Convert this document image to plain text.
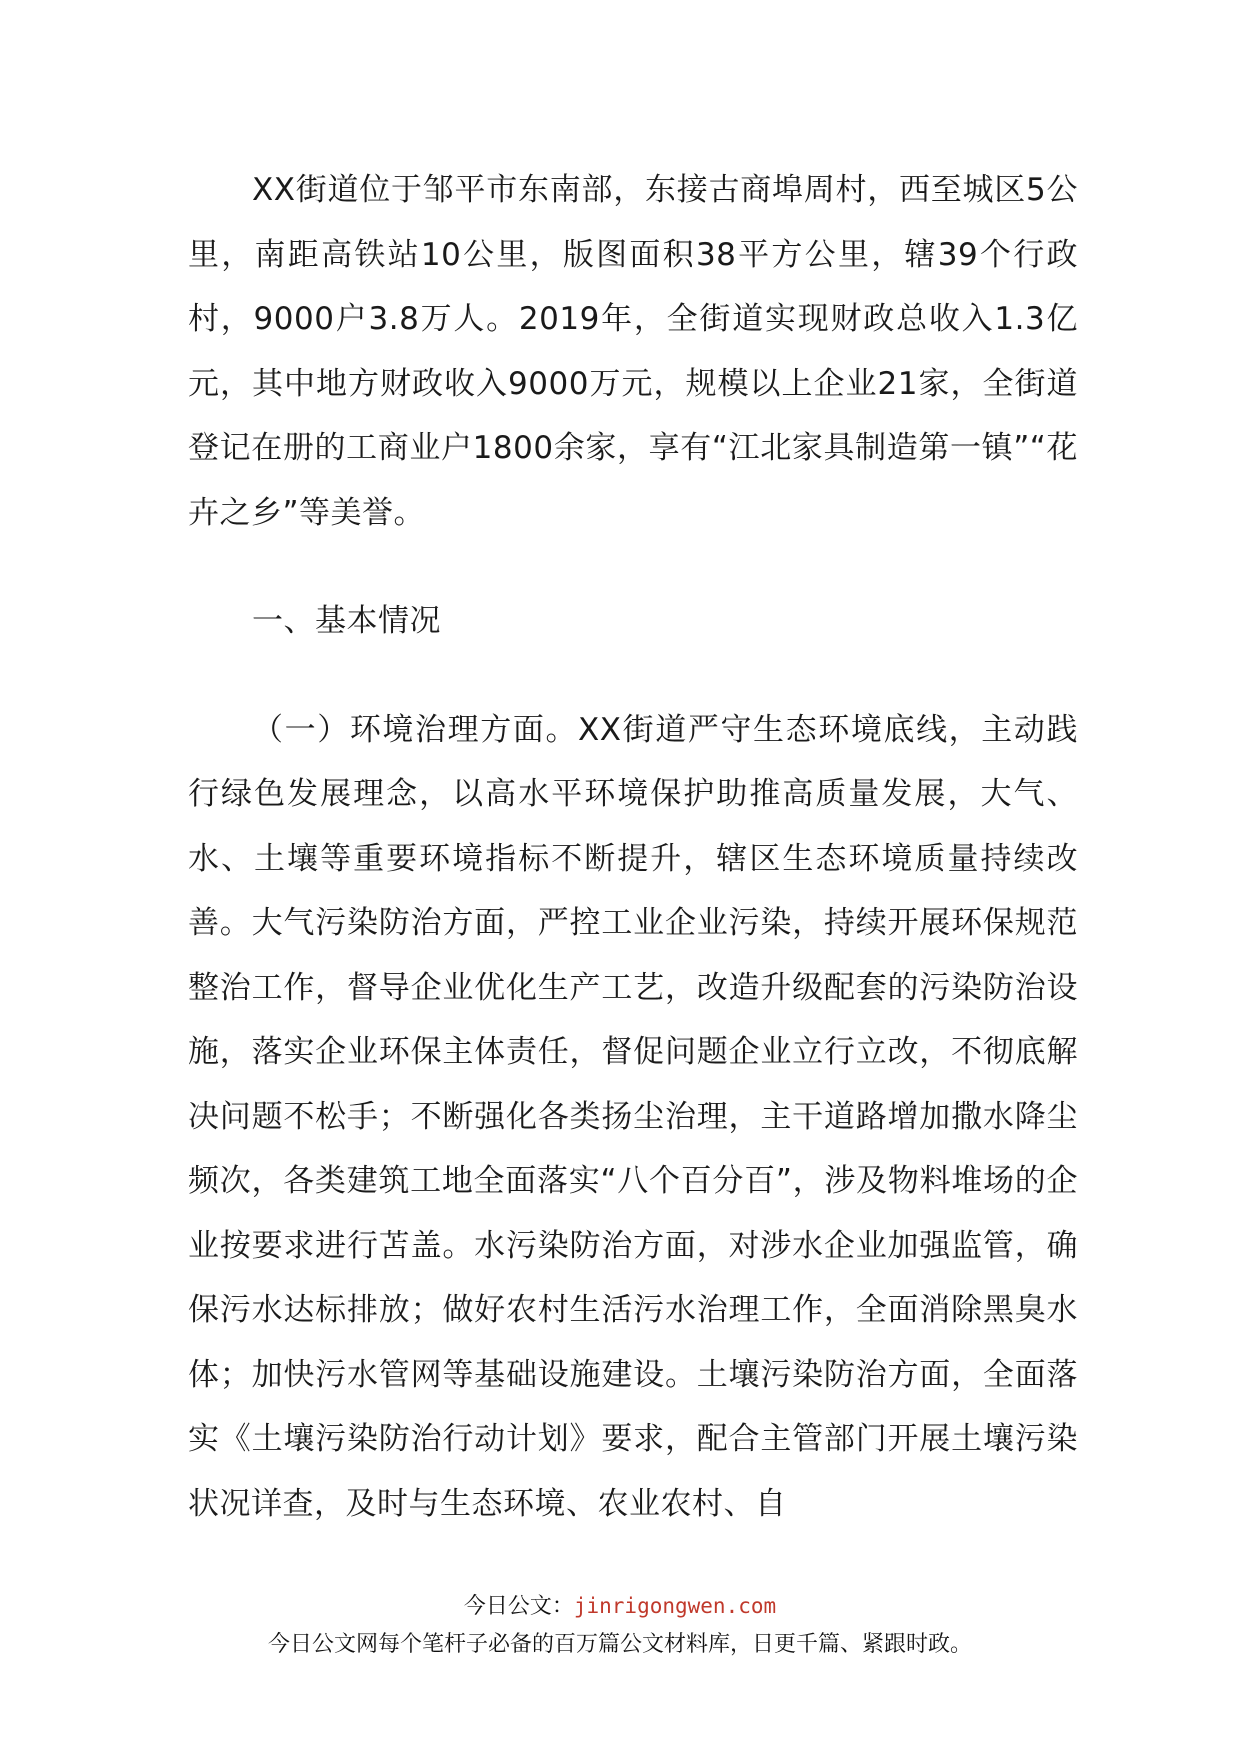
XX街道位于邹平市东南部，东接古商埠周村，西至城区5公里，南距高铁站10公里，版图面积38平方公里，辖39个行政村，9000户3.8万人。2019年，全街道实现财政总收入1.3亿元，其中地方财政收入9000万元，规模以上企业21家，全街道登记在册的工商业户1800余家，享有“江北家具制造第一镇”“花卉之乡”等美誉。

一、基本情况

（一）环境治理方面。XX街道严守生态环境底线，主动践行绿色发展理念，以高水平环境保护助推高质量发展，大气、水、土壤等重要环境指标不断提升，辖区生态环境质量持续改善。大气污染防治方面，严控工业企业污染，持续开展环保规范整治工作，督导企业优化生产工艺，改造升级配套的污染防治设施，落实企业环保主体责任，督促问题企业立行立改，不彻底解决问题不松手；不断强化各类扬尘治理，主干道路增加撒水降尘频次，各类建筑工地全面落实“八个百分百”，涉及物料堆场的企业按要求进行苫盖。水污染防治方面，对涉水企业加强监管，确保污水达标排放；做好农村生活污水治理工作，全面消除黑臭水体；加快污水管网等基础设施建设。土壤污染防治方面，全面落实《土壤污染防治行动计划》要求，配合主管部门开展土壤污染状况详查，及时与生态环境、农业农村、自

今日公文：jinrigongwen.com
今日公文网每个笔杆子必备的百万篇公文材料库，日更千篇、紧跟时政。
